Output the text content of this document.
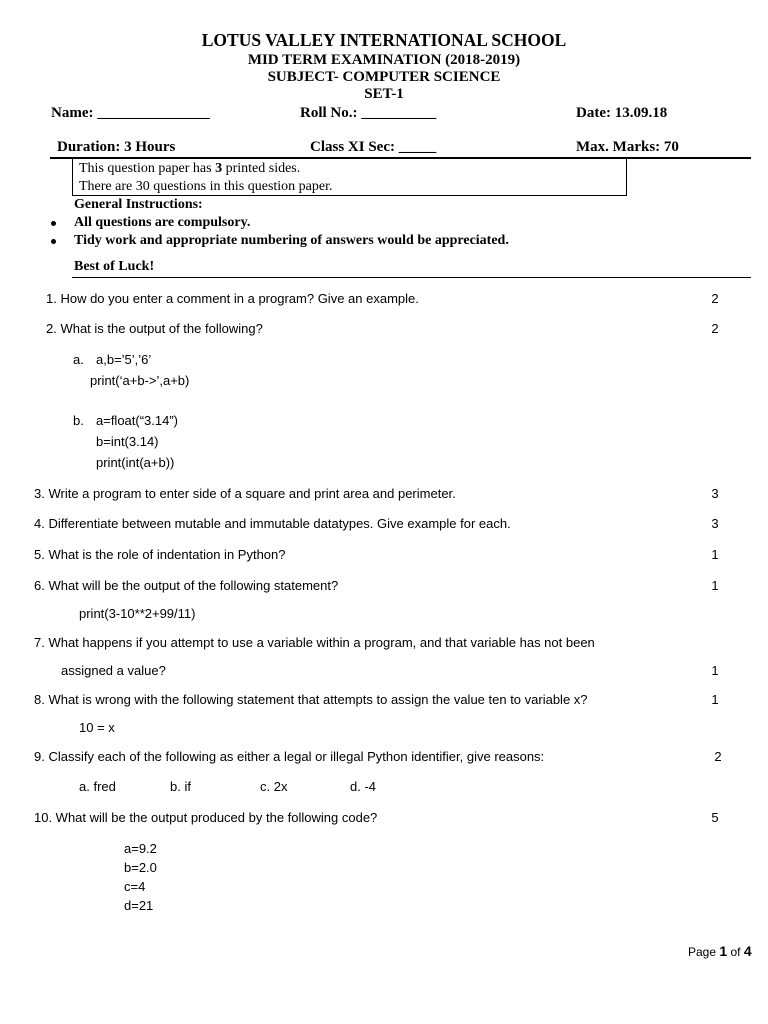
LOTUS VALLEY INTERNATIONAL SCHOOL
MID TERM EXAMINATION (2018-2019)
SUBJECT- COMPUTER SCIENCE
SET-1
Name: _______________	Roll No.: __________	Date: 13.09.18
Duration: 3 Hours	Class XI Sec: _____	Max. Marks: 70
This question paper has 3 printed sides.
There are 30 questions in this question paper.
General Instructions:
All questions are compulsory.
Tidy work and appropriate numbering of answers would be appreciated.
Best of Luck!
1. How do you enter a comment in a program? Give an example.	2
2. What is the output of the following?	2
a. a,b=’5’,’6’
print(‘a+b->’,a+b)
b. a=float(“3.14”)
b=int(3.14)
print(int(a+b))
3. Write a program to enter side of a square and print area and perimeter.	3
4. Differentiate between mutable and immutable datatypes. Give example for each.	3
5. What is the role of indentation in Python?	1
6. What will be the output of the following statement?	1
print(3-10**2+99/11)
7. What happens if you attempt to use a variable within a program, and that variable has not been
assigned a value?	1
8. What is wrong with the following statement that attempts to assign the value ten to variable x?	1
10 = x
9. Classify each of the following as either a legal or illegal Python identifier, give reasons:	2
a. fred	b. if	c. 2x	d. -4
10. What will be the output produced by the following code?	5
a=9.2
b=2.0
c=4
d=21
Page 1 of 4
